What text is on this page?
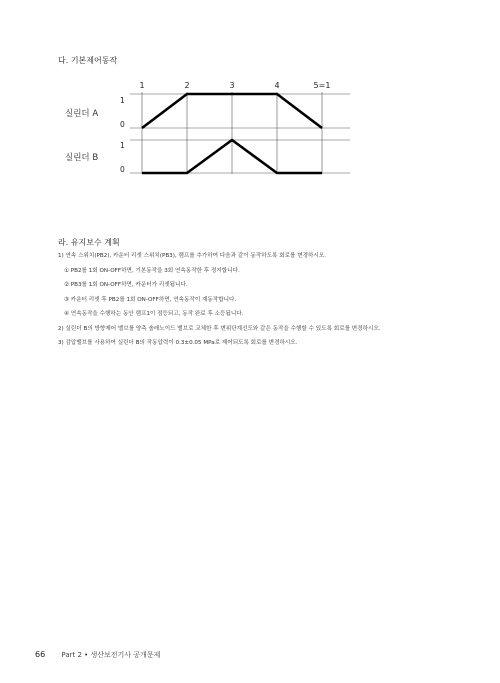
다. 기본제어동작
1	2	3	4	5=1
1
0
1
0
실린더 A
실린더 B
라. 유지보수 계획
1) 연속 스위치(PB2), 카운터 리셋 스위치(PB3), 램프를 추가하여 다음과 같이 동작하도록 회로를 변경하시오.
① PB2를 1회 ON-OFF하면, 기본동작을 3회 연속동작한 후 정지합니다.
② PB3를 1회 ON-OFF하면, 카운터가 리셋됩니다.
③ 카운터 리셋 후 PB2를 1회 ON-OFF하면, 연속동작이 재동작합니다.
④ 연속동작을 수행하는 동안 램프1이 점등되고, 동작 완료 후 소등됩니다.
2) 실린더 B의 방향제어 밸브를 양측 솔레노이드 밸브로 교체한 후 변위단계선도와 같은 동작을 수행할 수 있도록 회로를 변경하시오.
3) 감압밸브를 사용하여 실린더 B의 작동압력이 0.3±0.05 MPa로 제어되도록 회로를 변경하시오.
66 Part 2 • 생산보전기사 공개문제
